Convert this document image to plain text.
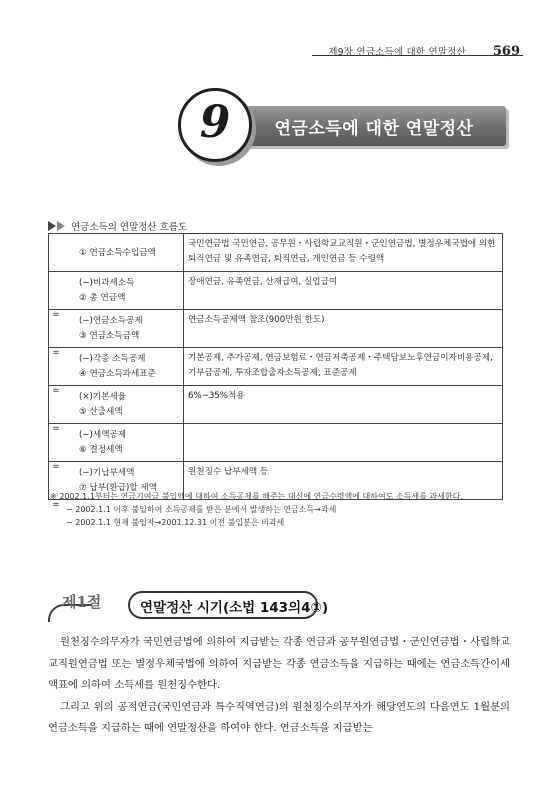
제9장 연금소득에 대한 연말정산	569
연금소득에 대한 연말정산
9
연금소득의 연말정산 흐름도
① 연금소득수입금액	국민연금법 국민연금, 공무원・사립학교교직원・군인연금법, 별정우체국법에 의한 퇴직연금 및 유족연금, 퇴직연금, 개인연금 등 수령액

(−)비과세소득
=
② 총 연금액	장애연금, 유족연금, 산재급여, 실업급여

(−)연금소득공제
=
③ 연금소득금액	연금소득공제액 참조(900만원 한도)

(−)각종 소득공제
=
④ 연금소득과세표준	기본공제, 추가공제, 연금보험료・연금저축공제・주택담보노후연금이자비용공제, 기부금공제, 투자조합출자소득공제, 표준공제

(×)기본세율
=
⑤ 산출세액	6%∼35%적용

(−)세액공제
=
⑥ 결정세액	

(−)기납부세액
=
⑦ 납부(환급)할 세액	원천징수 납부세액 등
※ 2002.1.1부터는 연금기여금 불입액에 대하여 소득공제를 해주는 대신에 연금수령액에 대하여도 소득세를 과세한다.
− 2002.1.1 이후 불입하여 소득공제를 받은 분에서 발생하는 연금소득→과세
− 2002.1.1 현재 불입자→2001.12.31 이전 불입분은 비과세
제1절	연말정산 시기(소법 143의4①)

원천징수의무자가 국민연금법에 의하여 지급받는 각종 연금과 공무원연금법・군인연금법・사립학교교직원연금법 또는 별정우체국법에 의하여 지급받는 각종 연금소득을 지급하는 때에는 연금소득간이세액표에 의하여 소득세를 원천징수한다.

그리고 위의 공적연금(국민연금과 특수직역연금)의 원천징수의무자가 해당연도의 다음연도 1월분의 연금소득을 지급하는 때에 연말정산을 하여야 한다. 연금소득을 지급받는
